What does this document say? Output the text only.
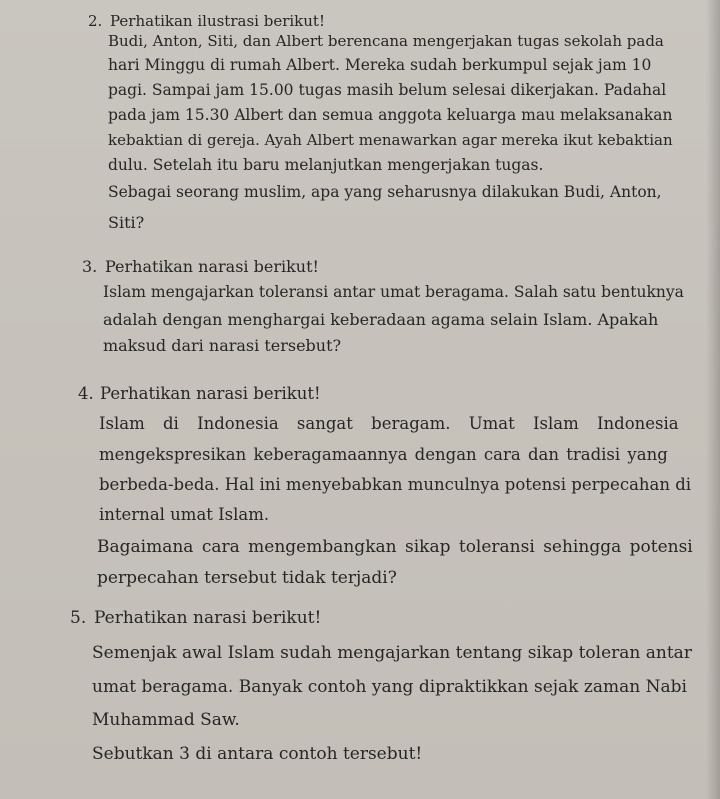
2. Perhatikan ilustrasi berikut!
Budi, Anton, Siti, dan Albert berencana mengerjakan tugas sekolah pada
hari Minggu di rumah Albert. Mereka sudah berkumpul sejak jam 10
pagi. Sampai jam 15.00 tugas masih belum selesai dikerjakan. Padahal
pada jam 15.30 Albert dan semua anggota keluarga mau melaksanakan
kebaktian di gereja. Ayah Albert menawarkan agar mereka ikut kebaktian
dulu. Setelah itu baru melanjutkan mengerjakan tugas.
Sebagai seorang muslim, apa yang seharusnya dilakukan Budi, Anton,
Siti?
3. Perhatikan narasi berikut!
Islam mengajarkan toleransi antar umat beragama. Salah satu bentuknya
adalah dengan menghargai keberadaan agama selain Islam. Apakah
maksud dari narasi tersebut?
4. Perhatikan narasi berikut!
Islam di Indonesia sangat beragam. Umat Islam Indonesia
mengekspresikan keberagamaannya dengan cara dan tradisi yang
berbeda-beda. Hal ini menyebabkan munculnya potensi perpecahan di
internal umat Islam.
Bagaimana cara mengembangkan sikap toleransi sehingga potensi
perpecahan tersebut tidak terjadi?
5. Perhatikan narasi berikut!
Semenjak awal Islam sudah mengajarkan tentang sikap toleran antar
umat beragama. Banyak contoh yang dipraktikkan sejak zaman Nabi
Muhammad Saw.
Sebutkan 3 di antara contoh tersebut!
